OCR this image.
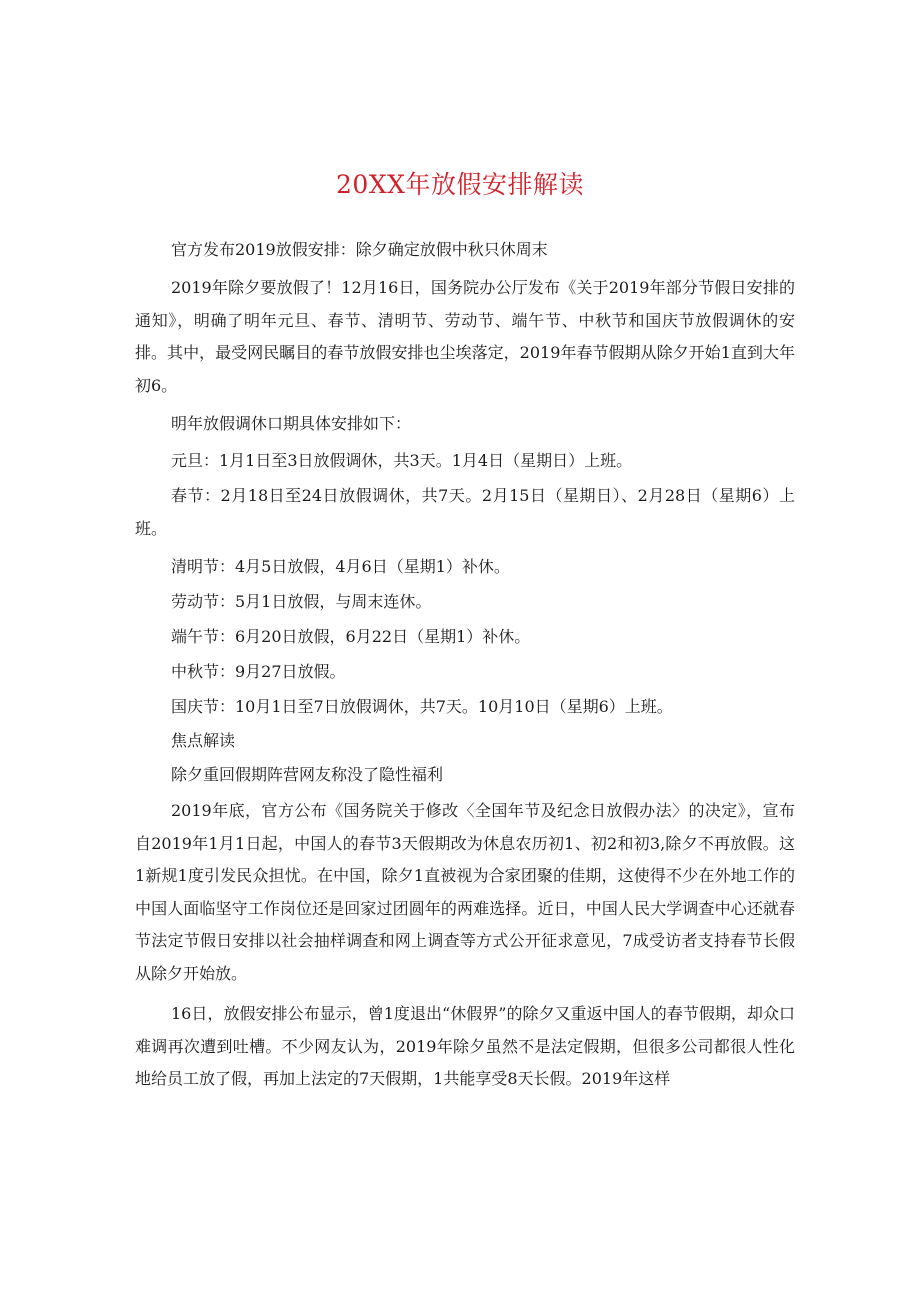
20XX年放假安排解读

官方发布2019放假安排：除夕确定放假中秋只休周末

2019年除夕要放假了！12月16日，国务院办公厅发布《关于2019年部分节假日安排的通知》，明确了明年元旦、春节、清明节、劳动节、端午节、中秋节和国庆节放假调休的安排。其中，最受网民瞩目的春节放假安排也尘埃落定，2019年春节假期从除夕开始1直到大年初6。

明年放假调休口期具体安排如下：

元旦：1月1日至3日放假调休，共3天。1月4日（星期日）上班。

春节：2月18日至24日放假调休，共7天。2月15日（星期日）、2月28日（星期6）上班。

清明节：4月5日放假，4月6日（星期1）补休。

劳动节：5月1日放假，与周末连休。

端午节：6月20日放假，6月22日（星期1）补休。

中秋节：9月27日放假。

国庆节：10月1日至7日放假调休，共7天。10月10日（星期6）上班。

焦点解读

除夕重回假期阵营网友称没了隐性福利

2019年底，官方公布《国务院关于修改〈全国年节及纪念日放假办法〉的决定》，宣布自2019年1月1日起，中国人的春节3天假期改为休息农历初1、初2和初3,除夕不再放假。这1新规1度引发民众担忧。在中国，除夕1直被视为合家团聚的佳期，这使得不少在外地工作的中国人面临坚守工作岗位还是回家过团圆年的两难选择。近日，中国人民大学调查中心还就春节法定节假日安排以社会抽样调查和网上调查等方式公开征求意见，7成受访者支持春节长假从除夕开始放。

16日，放假安排公布显示，曾1度退出“休假界”的除夕又重返中国人的春节假期，却众口难调再次遭到吐槽。不少网友认为，2019年除夕虽然不是法定假期，但很多公司都很人性化地给员工放了假，再加上法定的7天假期，1共能享受8天长假。2019年这样
